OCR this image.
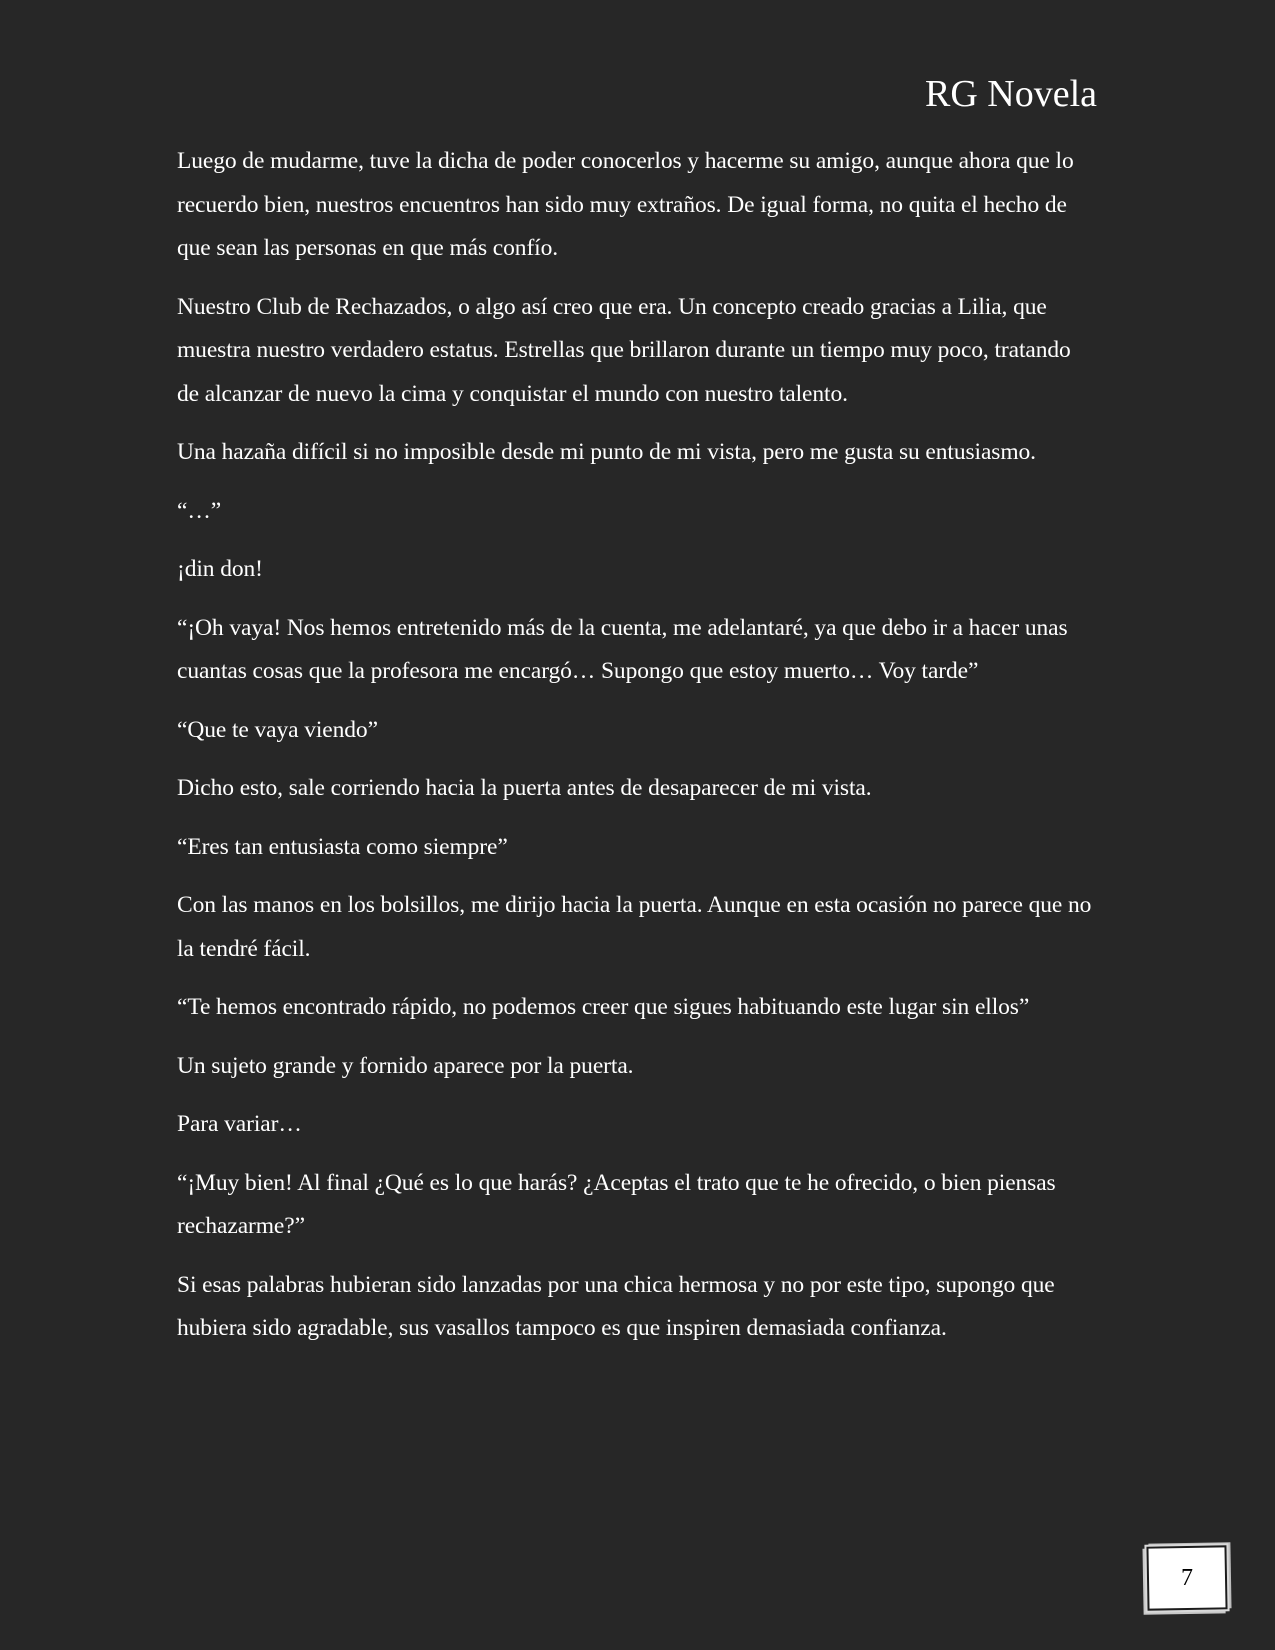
RG Novela

Luego de mudarme, tuve la dicha de poder conocerlos y hacerme su amigo, aunque ahora que lo recuerdo bien, nuestros encuentros han sido muy extraños. De igual forma, no quita el hecho de que sean las personas en que más confío.

Nuestro Club de Rechazados, o algo así creo que era. Un concepto creado gracias a Lilia, que muestra nuestro verdadero estatus. Estrellas que brillaron durante un tiempo muy poco, tratando de alcanzar de nuevo la cima y conquistar el mundo con nuestro talento.

Una hazaña difícil si no imposible desde mi punto de mi vista, pero me gusta su entusiasmo.

“…”

¡din don!

“¡Oh vaya! Nos hemos entretenido más de la cuenta, me adelantaré, ya que debo ir a hacer unas cuantas cosas que la profesora me encargó… Supongo que estoy muerto… Voy tarde”

“Que te vaya viendo”

Dicho esto, sale corriendo hacia la puerta antes de desaparecer de mi vista.

“Eres tan entusiasta como siempre”

Con las manos en los bolsillos, me dirijo hacia la puerta. Aunque en esta ocasión no parece que no la tendré fácil.

“Te hemos encontrado rápido, no podemos creer que sigues habituando este lugar sin ellos”

Un sujeto grande y fornido aparece por la puerta.

Para variar…

“¡Muy bien! Al final ¿Qué es lo que harás? ¿Aceptas el trato que te he ofrecido, o bien piensas rechazarme?”

Si esas palabras hubieran sido lanzadas por una chica hermosa y no por este tipo, supongo que hubiera sido agradable, sus vasallos tampoco es que inspiren demasiada confianza.

7
